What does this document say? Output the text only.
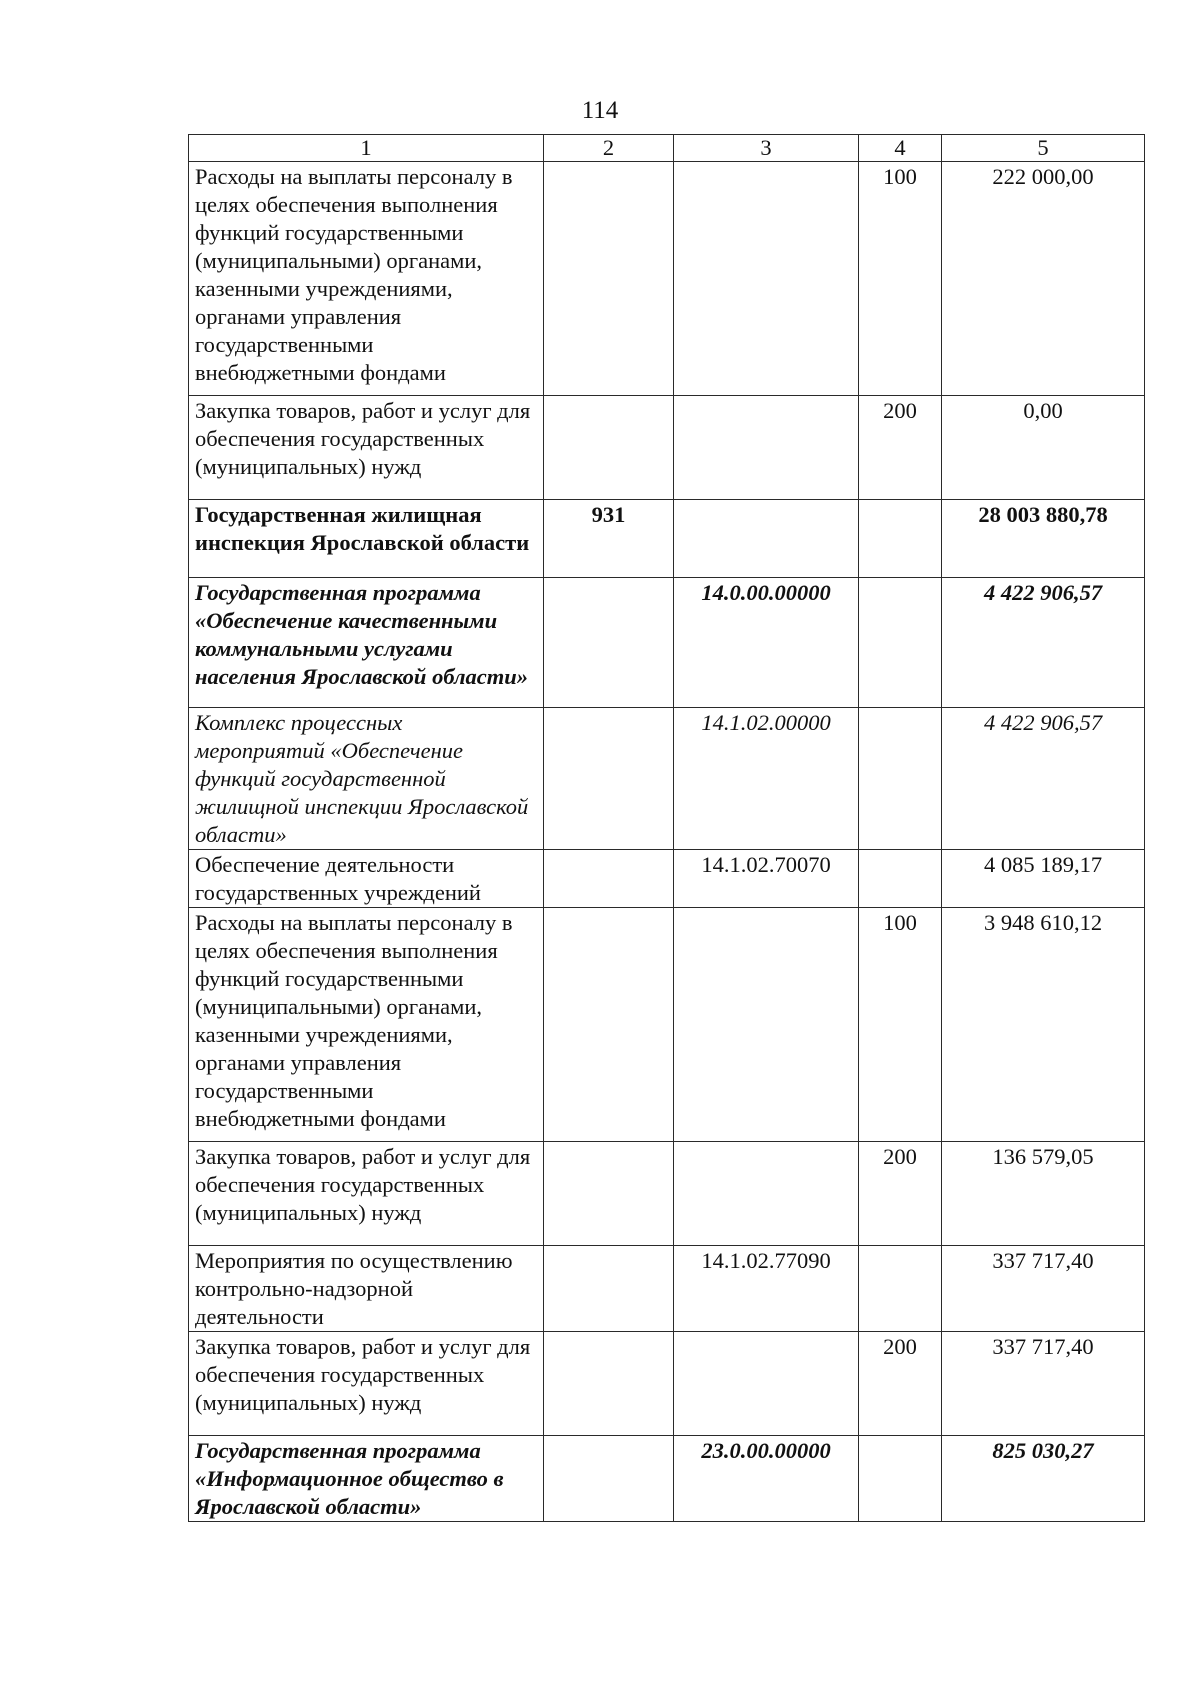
114
1	2	3	4	5
Расходы на выплаты персоналу в целях обеспечения выполнения функций государственными (муниципальными) органами, казенными учреждениями, органами управления государственными внебюджетными фондами			100	222 000,00
Закупка товаров, работ и услуг для обеспечения государственных (муниципальных) нужд			200	0,00
Государственная жилищная инспекция Ярославской области	931			28 003 880,78
Государственная программа «Обеспечение качественными коммунальными услугами населения Ярославской области»		14.0.00.00000		4 422 906,57
Комплекс процессных мероприятий «Обеспечение функций государственной жилищной инспекции Ярославской области»		14.1.02.00000		4 422 906,57
Обеспечение деятельности государственных учреждений		14.1.02.70070		4 085 189,17
Расходы на выплаты персоналу в целях обеспечения выполнения функций государственными (муниципальными) органами, казенными учреждениями, органами управления государственными внебюджетными фондами			100	3 948 610,12
Закупка товаров, работ и услуг для обеспечения государственных (муниципальных) нужд			200	136 579,05
Мероприятия по осуществлению контрольно-надзорной деятельности		14.1.02.77090		337 717,40
Закупка товаров, работ и услуг для обеспечения государственных (муниципальных) нужд			200	337 717,40
Государственная программа «Информационное общество в Ярославской области»		23.0.00.00000		825 030,27
